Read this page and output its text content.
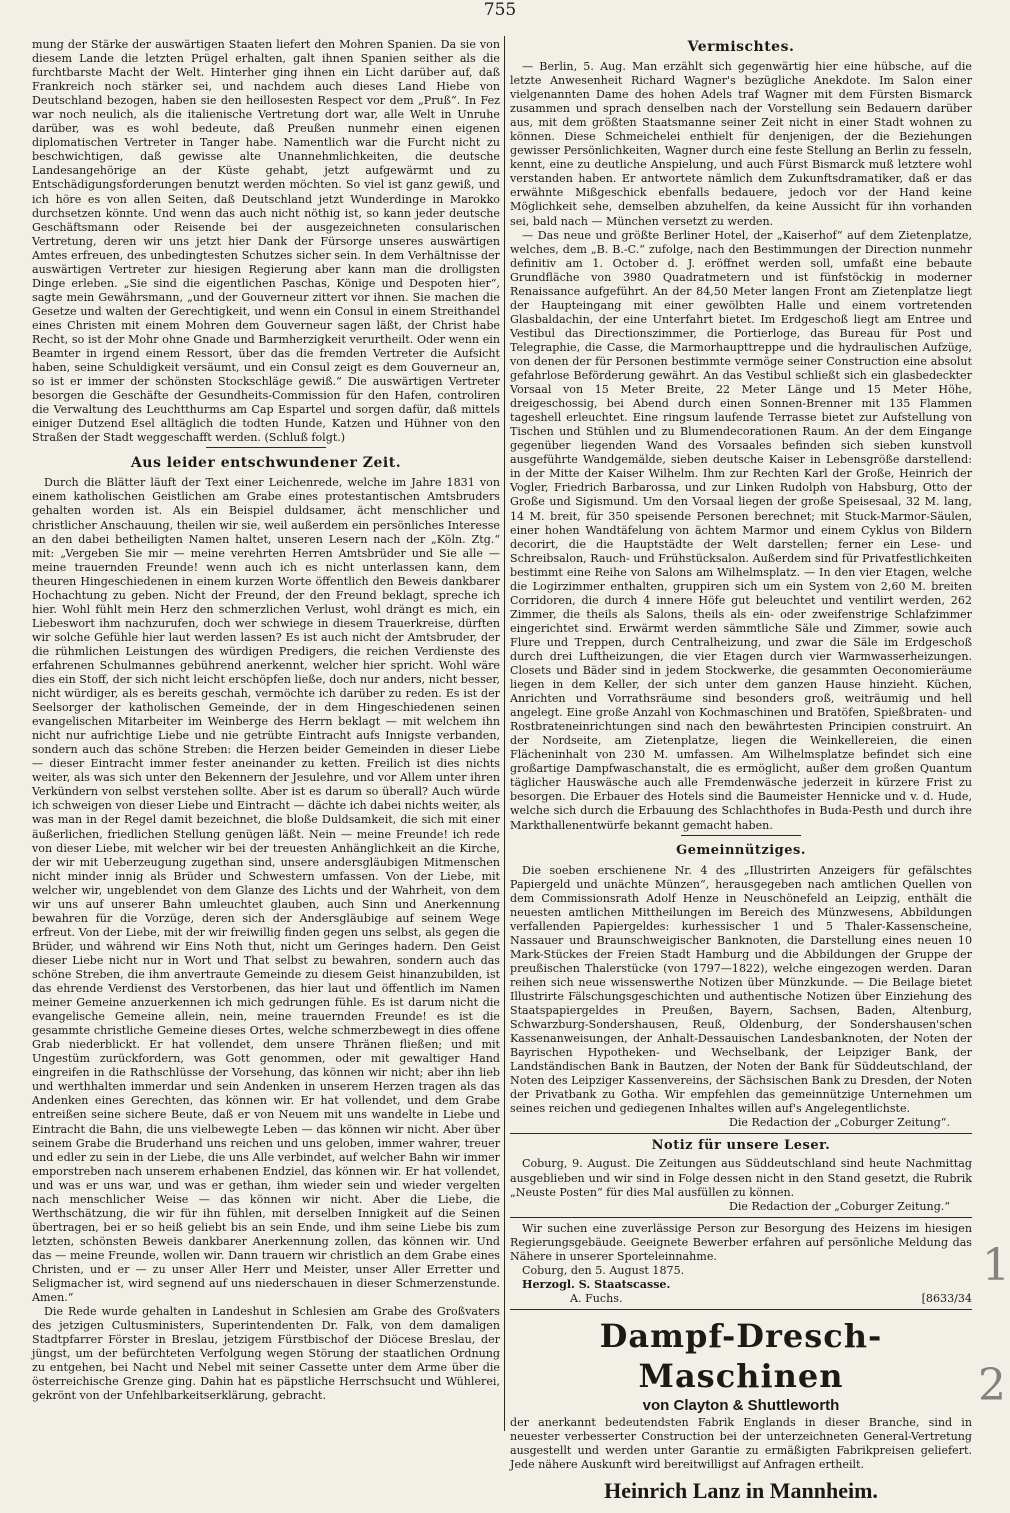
755

mung der Stärke der auswärtigen Staaten liefert den Mohren Spanien. Da sie von diesem Lande die letzten Prügel erhalten, galt ihnen Spanien seither als die furchtbarste Macht der Welt. Hinterher ging ihnen ein Licht darüber auf, daß Frankreich noch stärker sei, und nachdem auch dieses Land Hiebe von Deutschland bezogen, haben sie den heillosesten Respect vor dem „Pruß“. In Fez war noch neulich, als die italienische Vertretung dort war, alle Welt in Unruhe darüber, was es wohl bedeute, daß Preußen nunmehr einen eigenen diplomatischen Vertreter in Tanger habe. Namentlich war die Furcht nicht zu beschwichtigen, daß gewisse alte Unannehmlichkeiten, die deutsche Landesangehörige an der Küste gehabt, jetzt aufgewärmt und zu Entschädigungsforderungen benutzt werden möchten. So viel ist ganz gewiß, und ich höre es von allen Seiten, daß Deutschland jetzt Wunderdinge in Marokko durchsetzen könnte. Und wenn das auch nicht nöthig ist, so kann jeder deutsche Geschäftsmann oder Reisende bei der ausgezeichneten consularischen Vertretung, deren wir uns jetzt hier Dank der Fürsorge unseres auswärtigen Amtes erfreuen, des unbedingtesten Schutzes sicher sein. In dem Verhältnisse der auswärtigen Vertreter zur hiesigen Regierung aber kann man die drolligsten Dinge erleben. „Sie sind die eigentlichen Paschas, Könige und Despoten hier“, sagte mein Gewährsmann, „und der Gouverneur zittert vor ihnen. Sie machen die Gesetze und walten der Gerechtigkeit, und wenn ein Consul in einem Streithandel eines Christen mit einem Mohren dem Gouverneur sagen läßt, der Christ habe Recht, so ist der Mohr ohne Gnade und Barmherzigkeit verurtheilt. Oder wenn ein Beamter in irgend einem Ressort, über das die fremden Vertreter die Aufsicht haben, seine Schuldigkeit versäumt, und ein Consul zeigt es dem Gouverneur an, so ist er immer der schönsten Stockschläge gewiß.“ Die auswärtigen Vertreter besorgen die Geschäfte der Gesundheits-Commission für den Hafen, controliren die Verwaltung des Leuchtthurms am Cap Espartel und sorgen dafür, daß mittels einiger Dutzend Esel alltäglich die todten Hunde, Katzen und Hühner von den Straßen der Stadt weggeschafft werden. (Schluß folgt.)

Aus leider entschwundener Zeit.

Durch die Blätter läuft der Text einer Leichenrede, welche im Jahre 1831 von einem katholischen Geistlichen am Grabe eines protestantischen Amtsbruders gehalten worden ist. Als ein Beispiel duldsamer, ächt menschlicher und christlicher Anschauung, theilen wir sie, weil außerdem ein persönliches Interesse an den dabei betheiligten Namen haltet, unseren Lesern nach der „Köln. Ztg.“ mit: „Vergeben Sie mir — meine verehrten Herren Amtsbrüder und Sie alle — meine trauernden Freunde! wenn auch ich es nicht unterlassen kann, dem theuren Hingeschiedenen in einem kurzen Worte öffentlich den Beweis dankbarer Hochachtung zu geben. Nicht der Freund, der den Freund beklagt, spreche ich hier. Wohl fühlt mein Herz den schmerzlichen Verlust, wohl drängt es mich, ein Liebeswort ihm nachzurufen, doch wer schwiege in diesem Trauerkreise, dürften wir solche Gefühle hier laut werden lassen? Es ist auch nicht der Amtsbruder, der die rühmlichen Leistungen des würdigen Predigers, die reichen Verdienste des erfahrenen Schulmannes gebührend anerkennt, welcher hier spricht. Wohl wäre dies ein Stoff, der sich nicht leicht erschöpfen ließe, doch nur anders, nicht besser, nicht würdiger, als es bereits geschah, vermöchte ich darüber zu reden. Es ist der Seelsorger der katholischen Gemeinde, der in dem Hingeschiedenen seinen evangelischen Mitarbeiter im Weinberge des Herrn beklagt — mit welchem ihn nicht nur aufrichtige Liebe und nie getrübte Eintracht aufs Innigste verbanden, sondern auch das schöne Streben: die Herzen beider Gemeinden in dieser Liebe — dieser Eintracht immer fester aneinander zu ketten. Freilich ist dies nichts weiter, als was sich unter den Bekennern der Jesulehre, und vor Allem unter ihren Verkündern von selbst verstehen sollte. Aber ist es darum so überall? Auch würde ich schweigen von dieser Liebe und Eintracht — dächte ich dabei nichts weiter, als was man in der Regel damit bezeichnet, die bloße Duldsamkeit, die sich mit einer äußerlichen, friedlichen Stellung genügen läßt. Nein — meine Freunde! ich rede von dieser Liebe, mit welcher wir bei der treuesten Anhänglichkeit an die Kirche, der wir mit Ueberzeugung zugethan sind, unsere andersgläubigen Mitmenschen nicht minder innig als Brüder und Schwestern umfassen. Von der Liebe, mit welcher wir, ungeblendet von dem Glanze des Lichts und der Wahrheit, von dem wir uns auf unserer Bahn umleuchtet glauben, auch Sinn und Anerkennung bewahren für die Vorzüge, deren sich der Andersgläubige auf seinem Wege erfreut. Von der Liebe, mit der wir freiwillig finden gegen uns selbst, als gegen die Brüder, und während wir Eins Noth thut, nicht um Geringes hadern. Den Geist dieser Liebe nicht nur in Wort und That selbst zu bewahren, sondern auch das schöne Streben, die ihm anvertraute Gemeinde zu diesem Geist hinanzubilden, ist das ehrende Verdienst des Verstorbenen, das hier laut und öffentlich im Namen meiner Gemeine anzuerkennen ich mich gedrungen fühle. Es ist darum nicht die evangelische Gemeine allein, nein, meine trauernden Freunde! es ist die gesammte christliche Gemeine dieses Ortes, welche schmerzbewegt in dies offene Grab niederblickt. Er hat vollendet, dem unsere Thränen fließen; und mit Ungestüm zurückfordern, was Gott genommen, oder mit gewaltiger Hand eingreifen in die Rathschlüsse der Vorsehung, das können wir nicht; aber ihn lieb und werthhalten immerdar und sein Andenken in unserem Herzen tragen als das Andenken eines Gerechten, das können wir. Er hat vollendet, und dem Grabe entreißen seine sichere Beute, daß er von Neuem mit uns wandelte in Liebe und Eintracht die Bahn, die uns vielbewegte Leben — das können wir nicht. Aber über seinem Grabe die Bruderhand uns reichen und uns geloben, immer wahrer, treuer und edler zu sein in der Liebe, die uns Alle verbindet, auf welcher Bahn wir immer emporstreben nach unserem erhabenen Endziel, das können wir. Er hat vollendet, und was er uns war, und was er gethan, ihm wieder sein und wieder vergelten nach menschlicher Weise — das können wir nicht. Aber die Liebe, die Werthschätzung, die wir für ihn fühlen, mit derselben Innigkeit auf die Seinen übertragen, bei er so heiß geliebt bis an sein Ende, und ihm seine Liebe bis zum letzten, schönsten Beweis dankbarer Anerkennung zollen, das können wir. Und das — meine Freunde, wollen wir. Dann trauern wir christlich an dem Grabe eines Christen, und er — zu unser Aller Herr und Meister, unser Aller Erretter und Seligmacher ist, wird segnend auf uns niederschauen in dieser Schmerzenstunde. Amen.“

Die Rede wurde gehalten in Landeshut in Schlesien am Grabe des Großvaters des jetzigen Cultusministers, Superintendenten Dr. Falk, von dem damaligen Stadtpfarrer Förster in Breslau, jetzigem Fürstbischof der Diöcese Breslau, der jüngst, um der befürchteten Verfolgung wegen Störung der staatlichen Ordnung zu entgehen, bei Nacht und Nebel mit seiner Cassette unter dem Arme über die österreichische Grenze ging. Dahin hat es päpstliche Herrschsucht und Wühlerei, gekrönt von der Unfehlbarkeitserklärung, gebracht.

Vermischtes.

— Berlin, 5. Aug. Man erzählt sich gegenwärtig hier eine hübsche, auf die letzte Anwesenheit Richard Wagner's bezügliche Anekdote. Im Salon einer vielgenannten Dame des hohen Adels traf Wagner mit dem Fürsten Bismarck zusammen und sprach denselben nach der Vorstellung sein Bedauern darüber aus, mit dem größten Staatsmanne seiner Zeit nicht in einer Stadt wohnen zu können. Diese Schmeichelei enthielt für denjenigen, der die Beziehungen gewisser Persönlichkeiten, Wagner durch eine feste Stellung an Berlin zu fesseln, kennt, eine zu deutliche Anspielung, und auch Fürst Bismarck muß letztere wohl verstanden haben. Er antwortete nämlich dem Zukunftsdramatiker, daß er das erwähnte Mißgeschick ebenfalls bedauere, jedoch vor der Hand keine Möglichkeit sehe, demselben abzuhelfen, da keine Aussicht für ihn vorhanden sei, bald nach — München versetzt zu werden.

— Das neue und größte Berliner Hotel, der „Kaiserhof“ auf dem Zietenplatze, welches, dem „B. B.-C.“ zufolge, nach den Bestimmungen der Direction nunmehr definitiv am 1. October d. J. eröffnet werden soll, umfaßt eine bebaute Grundfläche von 3980 Quadratmetern und ist fünfstöckig in moderner Renaissance aufgeführt. An der 84,50 Meter langen Front am Zietenplatze liegt der Haupteingang mit einer gewölbten Halle und einem vortretenden Glasbaldachin, der eine Unterfahrt bietet. Im Erdgeschoß liegt am Entree und Vestibul das Directionszimmer, die Portierloge, das Bureau für Post und Telegraphie, die Casse, die Marmorhaupttreppe und die hydraulischen Aufzüge, von denen der für Personen bestimmte vermöge seiner Construction eine absolut gefahrlose Beförderung gewährt. An das Vestibul schließt sich ein glasbedeckter Vorsaal von 15 Meter Breite, 22 Meter Länge und 15 Meter Höhe, dreigeschossig, bei Abend durch einen Sonnen-Brenner mit 135 Flammen tageshell erleuchtet. Eine ringsum laufende Terrasse bietet zur Aufstellung von Tischen und Stühlen und zu Blumendecorationen Raum. An der dem Eingange gegenüber liegenden Wand des Vorsaales befinden sich sieben kunstvoll ausgeführte Wandgemälde, sieben deutsche Kaiser in Lebensgröße darstellend: in der Mitte der Kaiser Wilhelm. Ihm zur Rechten Karl der Große, Heinrich der Vogler, Friedrich Barbarossa, und zur Linken Rudolph von Habsburg, Otto der Große und Sigismund. Um den Vorsaal liegen der große Speisesaal, 32 M. lang, 14 M. breit, für 350 speisende Personen berechnet; mit Stuck-Marmor-Säulen, einer hohen Wandtäfelung von ächtem Marmor und einem Cyklus von Bildern decorirt, die die Hauptstädte der Welt darstellen; ferner ein Lese- und Schreibsalon, Rauch- und Frühstücksalon. Außerdem sind für Privatfestlichkeiten bestimmt eine Reihe von Salons am Wilhelmsplatz. — In den vier Etagen, welche die Logirzimmer enthalten, gruppiren sich um ein System von 2,60 M. breiten Corridoren, die durch 4 innere Höfe gut beleuchtet und ventilirt werden, 262 Zimmer, die theils als Salons, theils als ein- oder zweifenstrige Schlafzimmer eingerichtet sind. Erwärmt werden sämmtliche Säle und Zimmer, sowie auch Flure und Treppen, durch Centralheizung, und zwar die Säle im Erdgeschoß durch drei Luftheizungen, die vier Etagen durch vier Warmwasserheizungen. Closets und Bäder sind in jedem Stockwerke, die gesammten Oeconomieräume liegen in dem Keller, der sich unter dem ganzen Hause hinzieht. Küchen, Anrichten und Vorrathsräume sind besonders groß, weiträumig und hell angelegt. Eine große Anzahl von Kochmaschinen und Bratöfen, Spießbraten- und Rostbrateneinrichtungen sind nach den bewährtesten Principien construirt. An der Nordseite, am Zietenplatze, liegen die Weinkellereien, die einen Flächeninhalt von 230 M. umfassen. Am Wilhelmsplatze befindet sich eine großartige Dampfwaschanstalt, die es ermöglicht, außer dem großen Quantum täglicher Hauswäsche auch alle Fremdenwäsche jederzeit in kürzere Frist zu besorgen. Die Erbauer des Hotels sind die Baumeister Hennicke und v. d. Hude, welche sich durch die Erbauung des Schlachthofes in Buda-Pesth und durch ihre Markthallenentwürfe bekannt gemacht haben.

Gemeinnütziges.

Die soeben erschienene Nr. 4 des „Illustrirten Anzeigers für gefälschtes Papiergeld und unächte Münzen“, herausgegeben nach amtlichen Quellen von dem Commissionsrath Adolf Henze in Neuschönefeld an Leipzig, enthält die neuesten amtlichen Mittheilungen im Bereich des Münzwesens, Abbildungen verfallenden Papiergeldes: kurhessischer 1 und 5 Thaler-Kassenscheine, Nassauer und Braunschweigischer Banknoten, die Darstellung eines neuen 10 Mark-Stückes der Freien Stadt Hamburg und die Abbildungen der Gruppe der preußischen Thalerstücke (von 1797—1822), welche eingezogen werden. Daran reihen sich neue wissenswerthe Notizen über Münzkunde. — Die Beilage bietet Illustrirte Fälschungsgeschichten und authentische Notizen über Einziehung des Staatspapiergeldes in Preußen, Bayern, Sachsen, Baden, Altenburg, Schwarzburg-Sondershausen, Reuß, Oldenburg, der Sondershausen'schen Kassenanweisungen, der Anhalt-Dessauischen Landesbanknoten, der Noten der Bayrischen Hypotheken- und Wechselbank, der Leipziger Bank, der Landständischen Bank in Bautzen, der Noten der Bank für Süddeutschland, der Noten des Leipziger Kassenvereins, der Sächsischen Bank zu Dresden, der Noten der Privatbank zu Gotha. Wir empfehlen das gemeinnützige Unternehmen um seines reichen und gediegenen Inhaltes willen auf's Angelegentlichste.

Die Redaction der „Coburger Zeitung“.
Notiz für unsere Leser.

Coburg, 9. August. Die Zeitungen aus Süddeutschland sind heute Nachmittag ausgeblieben und wir sind in Folge dessen nicht in den Stand gesetzt, die Rubrik „Neuste Posten“ für dies Mal ausfüllen zu können.

Die Redaction der „Coburger Zeitung.“

Wir suchen eine zuverlässige Person zur Besorgung des Heizens im hiesigen Regierungsgebäude. Geeignete Bewerber erfahren auf persönliche Meldung das Nähere in unserer Sporteleinnahme.

Coburg, den 5. August 1875.

Herzogl. S. Staatscasse.

A. Fuchs.	[8633/34
Dampf-Dresch-Maschinen
von Clayton & Shuttleworth

der anerkannt bedeutendsten Fabrik Englands in dieser Branche, sind in neuester verbesserter Construction bei der unterzeichneten General-Vertretung ausgestellt und werden unter Garantie zu ermäßigten Fabrikpreisen geliefert. Jede nähere Auskunft wird bereitwilligst auf Anfragen ertheilt.

Heinrich Lanz in Mannheim.
1
2
